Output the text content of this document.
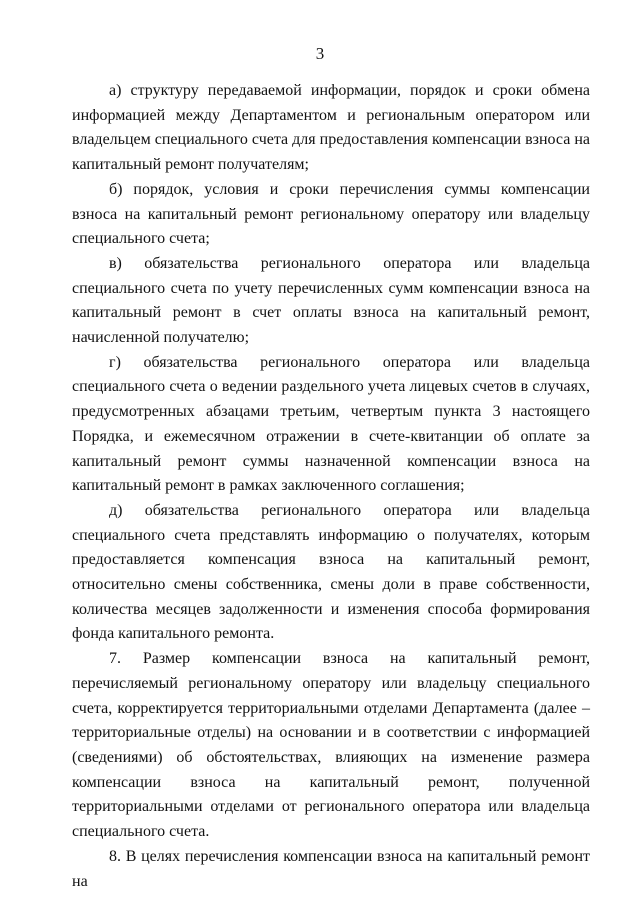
3

а) структуру передаваемой информации, порядок и сроки обмена информацией между Департаментом и региональным оператором или владельцем специального счета для предоставления компенсации взноса на капитальный ремонт получателям;

б) порядок, условия и сроки перечисления суммы компенсации взноса на капитальный ремонт региональному оператору или владельцу специального счета;

в) обязательства регионального оператора или владельца специального счета по учету перечисленных сумм компенсации взноса на капитальный ремонт в счет оплаты взноса на капитальный ремонт, начисленной получателю;

г) обязательства регионального оператора или владельца специального счета о ведении раздельного учета лицевых счетов в случаях, предусмотренных абзацами третьим, четвертым пункта 3 настоящего Порядка, и ежемесячном отражении в счете-квитанции об оплате за капитальный ремонт суммы назначенной компенсации взноса на капитальный ремонт в рамках заключенного соглашения;

д) обязательства регионального оператора или владельца специального счета представлять информацию о получателях, которым предоставляется компенсация взноса на капитальный ремонт, относительно смены собственника, смены доли в праве собственности, количества месяцев задолженности и изменения способа формирования фонда капитального ремонта.

7. Размер компенсации взноса на капитальный ремонт, перечисляемый региональному оператору или владельцу специального счета, корректируется территориальными отделами Департамента (далее – территориальные отделы) на основании и в соответствии с информацией (сведениями) об обстоятельствах, влияющих на изменение размера компенсации взноса на капитальный ремонт, полученной территориальными отделами от регионального оператора или владельца специального счета.

8. В целях перечисления компенсации взноса на капитальный ремонт на
